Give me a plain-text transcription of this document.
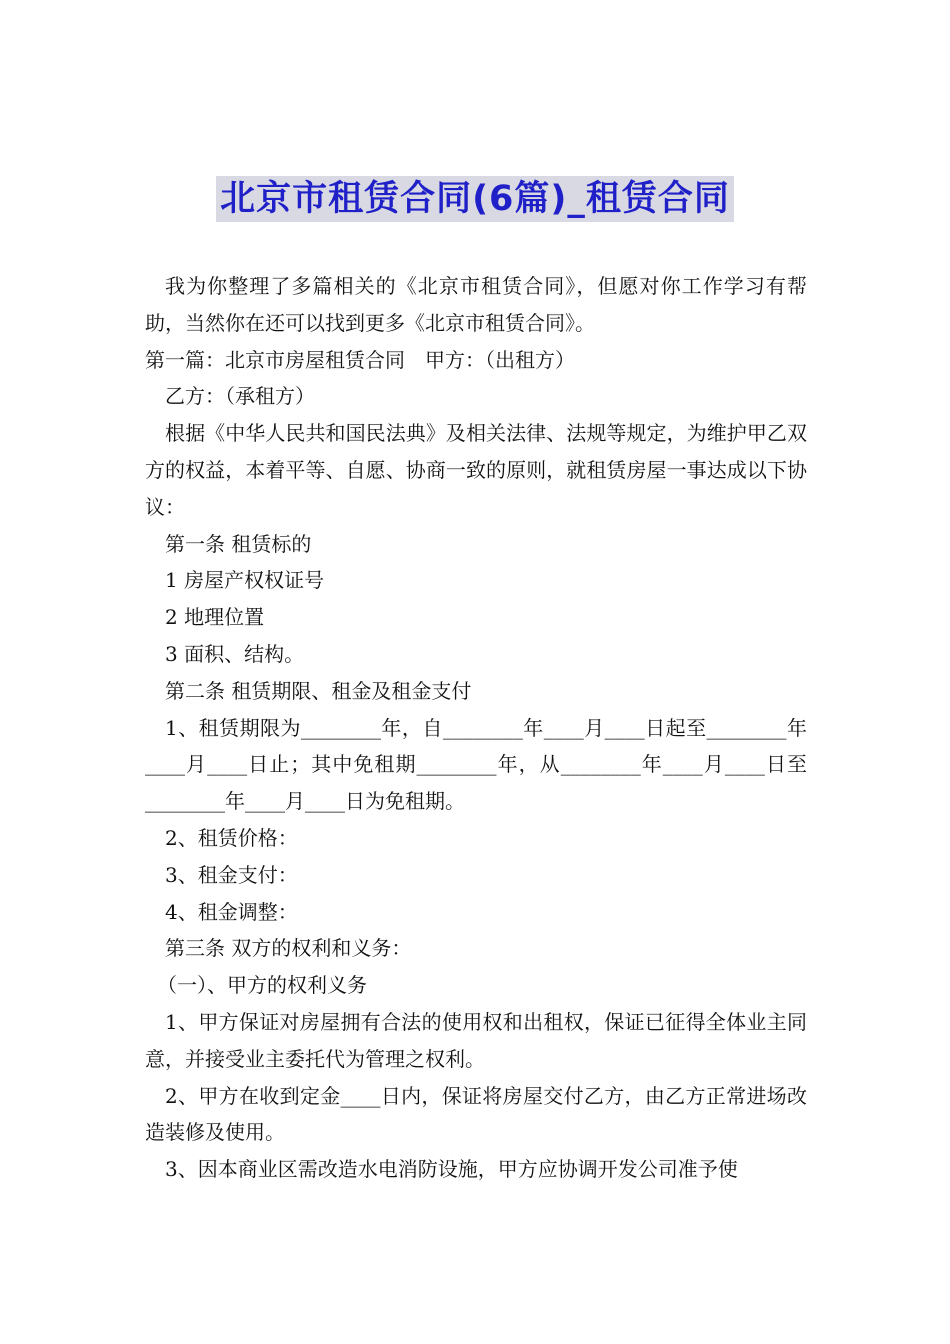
北京市租赁合同(6篇)_租赁合同

我为你整理了多篇相关的《北京市租赁合同》，但愿对你工作学习有帮助，当然你在还可以找到更多《北京市租赁合同》。

第一篇：北京市房屋租赁合同　甲方：（出租方）

乙方：（承租方）

根据《中华人民共和国民法典》及相关法律、法规等规定，为维护甲乙双方的权益，本着平等、自愿、协商一致的原则，就租赁房屋一事达成以下协议：

第一条 租赁标的

1 房屋产权权证号

2 地理位置

3 面积、结构。

第二条 租赁期限、租金及租金支付

1、租赁期限为________年，自________年____月____日起至________年____月____日止；其中免租期________年，从________年____月____日至________年____月____日为免租期。

2、租赁价格：

3、租金支付：

4、租金调整：

第三条 双方的权利和义务：

（一）、甲方的权利义务

1、甲方保证对房屋拥有合法的使用权和出租权，保证已征得全体业主同意，并接受业主委托代为管理之权利。

2、甲方在收到定金____日内，保证将房屋交付乙方，由乙方正常进场改造装修及使用。

3、因本商业区需改造水电消防设施，甲方应协调开发公司准予使
